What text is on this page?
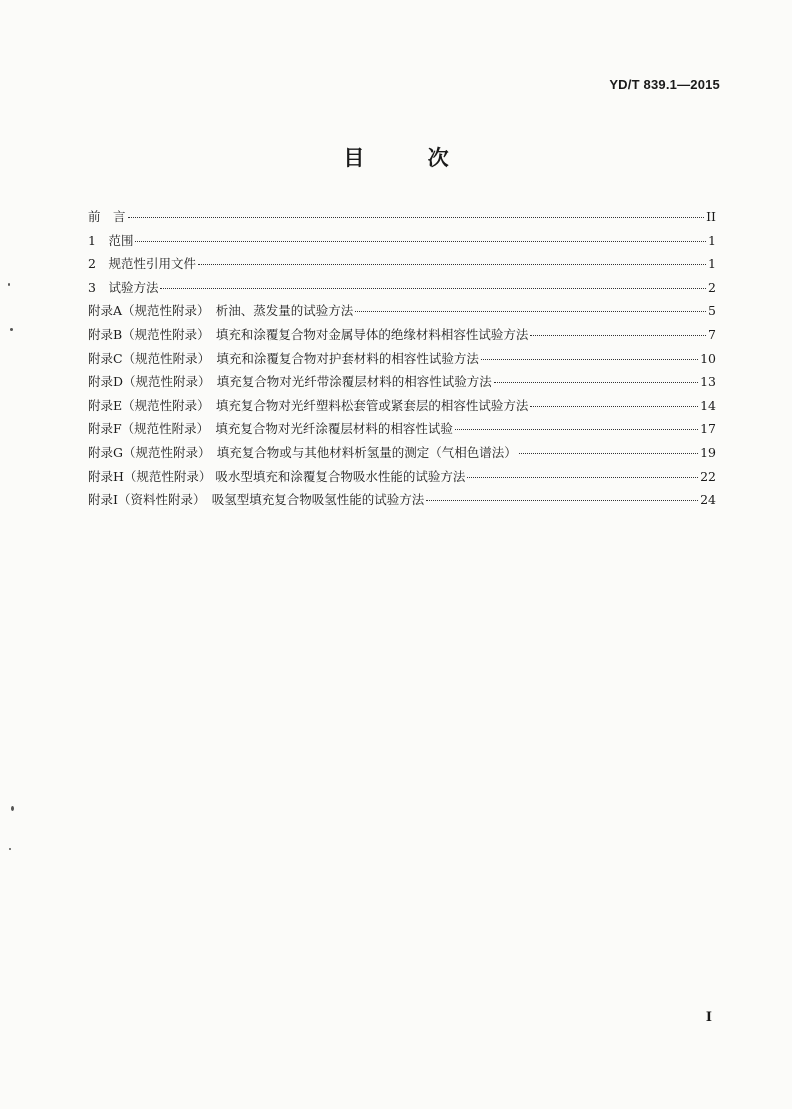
YD/T 839.1—2015
目 次
前　言	II
1　范围	1
2　规范性引用文件	1
3　试验方法	2
附录A（规范性附录）　析油、蒸发量的试验方法	5
附录B（规范性附录）　填充和涂覆复合物对金属导体的绝缘材料相容性试验方法	7
附录C（规范性附录）　填充和涂覆复合物对护套材料的相容性试验方法	10
附录D（规范性附录）　填充复合物对光纤带涂覆层材料的相容性试验方法	13
附录E（规范性附录）　填充复合物对光纤塑料松套管或紧套层的相容性试验方法	14
附录F（规范性附录）　填充复合物对光纤涂覆层材料的相容性试验	17
附录G（规范性附录）　填充复合物或与其他材料析氢量的测定（气相色谱法）	19
附录H（规范性附录） 吸水型填充和涂覆复合物吸水性能的试验方法	22
附录I（资料性附录）　吸氢型填充复合物吸氢性能的试验方法	24
I
